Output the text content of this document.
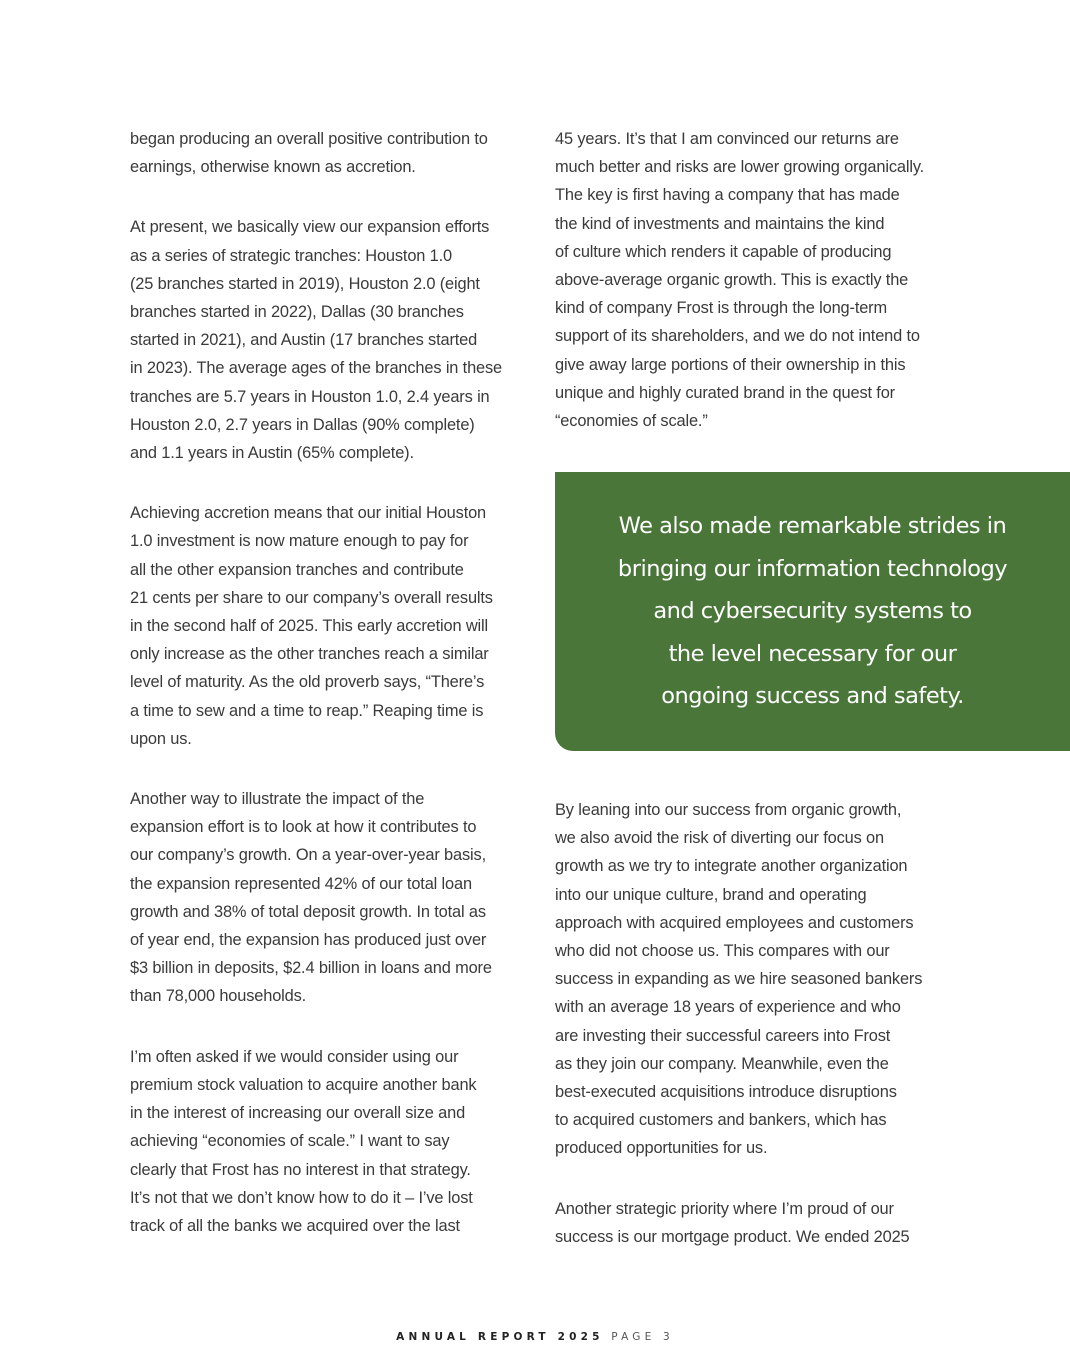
began producing an overall positive contribution to
earnings, otherwise known as accretion.

At present, we basically view our expansion efforts
as a series of strategic tranches: Houston 1.0
(25 branches started in 2019), Houston 2.0 (eight
branches started in 2022), Dallas (30 branches
started in 2021), and Austin (17 branches started
in 2023). The average ages of the branches in these
tranches are 5.7 years in Houston 1.0, 2.4 years in
Houston 2.0, 2.7 years in Dallas (90% complete)
and 1.1 years in Austin (65% complete).

Achieving accretion means that our initial Houston
1.0 investment is now mature enough to pay for
all the other expansion tranches and contribute
21 cents per share to our company’s overall results
in the second half of 2025. This early accretion will
only increase as the other tranches reach a similar
level of maturity. As the old proverb says, “There’s
a time to sew and a time to reap.” Reaping time is
upon us.

Another way to illustrate the impact of the
expansion effort is to look at how it contributes to
our company’s growth. On a year-over-year basis,
the expansion represented 42% of our total loan
growth and 38% of total deposit growth. In total as
of year end, the expansion has produced just over
$3 billion in deposits, $2.4 billion in loans and more
than 78,000 households.

I’m often asked if we would consider using our
premium stock valuation to acquire another bank
in the interest of increasing our overall size and
achieving “economies of scale.” I want to say
clearly that Frost has no interest in that strategy.
It’s not that we don’t know how to do it – I’ve lost
track of all the banks we acquired over the last

45 years. It’s that I am convinced our returns are
much better and risks are lower growing organically.
The key is first having a company that has made
the kind of investments and maintains the kind
of culture which renders it capable of producing
above-average organic growth. This is exactly the
kind of company Frost is through the long-term
support of its shareholders, and we do not intend to
give away large portions of their ownership in this
unique and highly curated brand in the quest for
“economies of scale.”

We also made remarkable strides in
bringing our information technology
and cybersecurity systems to
the level necessary for our
ongoing success and safety.

By leaning into our success from organic growth,
we also avoid the risk of diverting our focus on
growth as we try to integrate another organization
into our unique culture, brand and operating
approach with acquired employees and customers
who did not choose us. This compares with our
success in expanding as we hire seasoned bankers
with an average 18 years of experience and who
are investing their successful careers into Frost
as they join our company. Meanwhile, even the
best-executed acquisitions introduce disruptions
to acquired customers and bankers, which has
produced opportunities for us.

Another strategic priority where I’m proud of our
success is our mortgage product. We ended 2025

ANNUAL REPORT 2025 PAGE 3
